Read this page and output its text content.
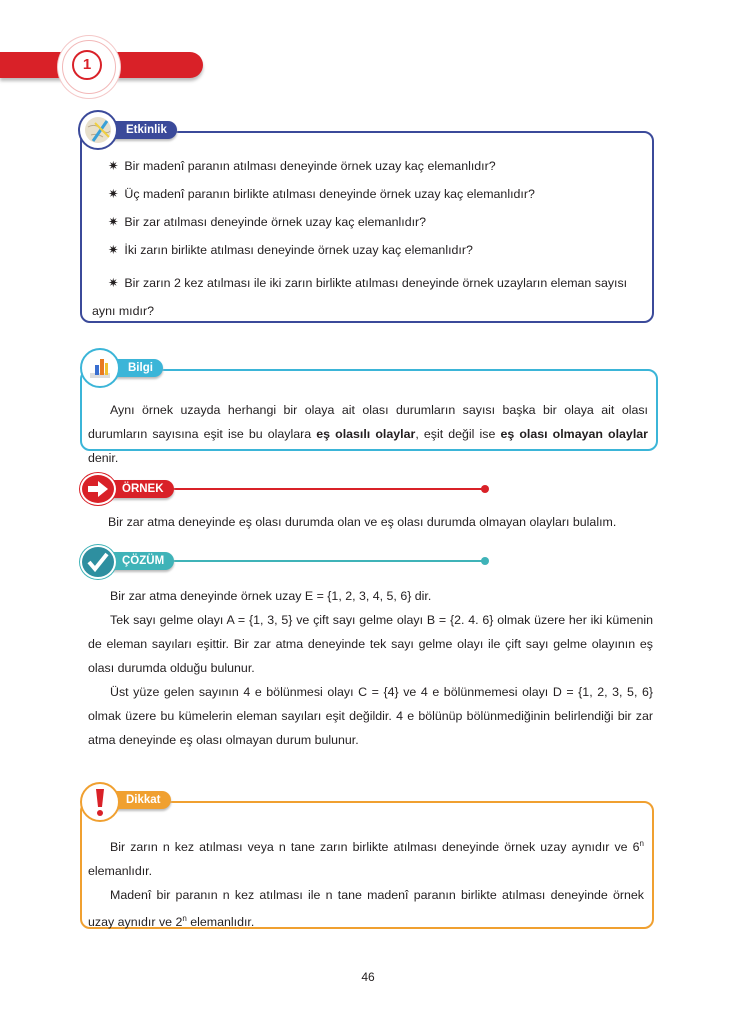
1
Etkinlik
✷ Bir madenî paranın atılması deneyinde örnek uzay kaç elemanlıdır?
✷ Üç madenî paranın birlikte atılması deneyinde örnek uzay kaç elemanlıdır?
✷ Bir zar atılması deneyinde örnek uzay kaç elemanlıdır?
✷ İki zarın birlikte atılması deneyinde örnek uzay kaç elemanlıdır?
✷ Bir zarın 2 kez atılması ile iki zarın birlikte atılması deneyinde örnek uzayların eleman sayısı aynı mıdır?
Bilgi

Aynı örnek uzayda herhangi bir olaya ait olası durumların sayısı başka bir olaya ait olası durumların sayısına eşit ise bu olaylara eş olasılı olaylar, eşit değil ise eş olası olmayan olaylar denir.

ÖRNEK
Bir zar atma deneyinde eş olası durumda olan ve eş olası durumda olmayan olayları bulalım.
ÇÖZÜM

Bir zar atma deneyinde örnek uzay E = {1, 2, 3, 4, 5, 6} dir.

Tek sayı gelme olayı A = {1, 3, 5} ve çift sayı gelme olayı B = {2. 4. 6} olmak üzere her iki kümenin de eleman sayıları eşittir. Bir zar atma deneyinde tek sayı gelme olayı ile çift sayı gelme olayının eş olası durumda olduğu bulunur.

Üst yüze gelen sayının 4 e bölünmesi olayı C = {4} ve 4 e bölünmemesi olayı D = {1, 2, 3, 5, 6} olmak üzere bu kümelerin eleman sayıları eşit değildir. 4 e bölünüp bölünmediğinin belirlendiği bir zar atma deneyinde eş olası olmayan durum bulunur.

Dikkat

Bir zarın n kez atılması veya n tane zarın birlikte atılması deneyinde örnek uzay aynıdır ve 6$^n$ elemanlıdır.

Madenî bir paranın n kez atılması ile n tane madenî paranın birlikte atılması deneyinde örnek uzay aynıdır ve 2$^n$ elemanlıdır.

46
